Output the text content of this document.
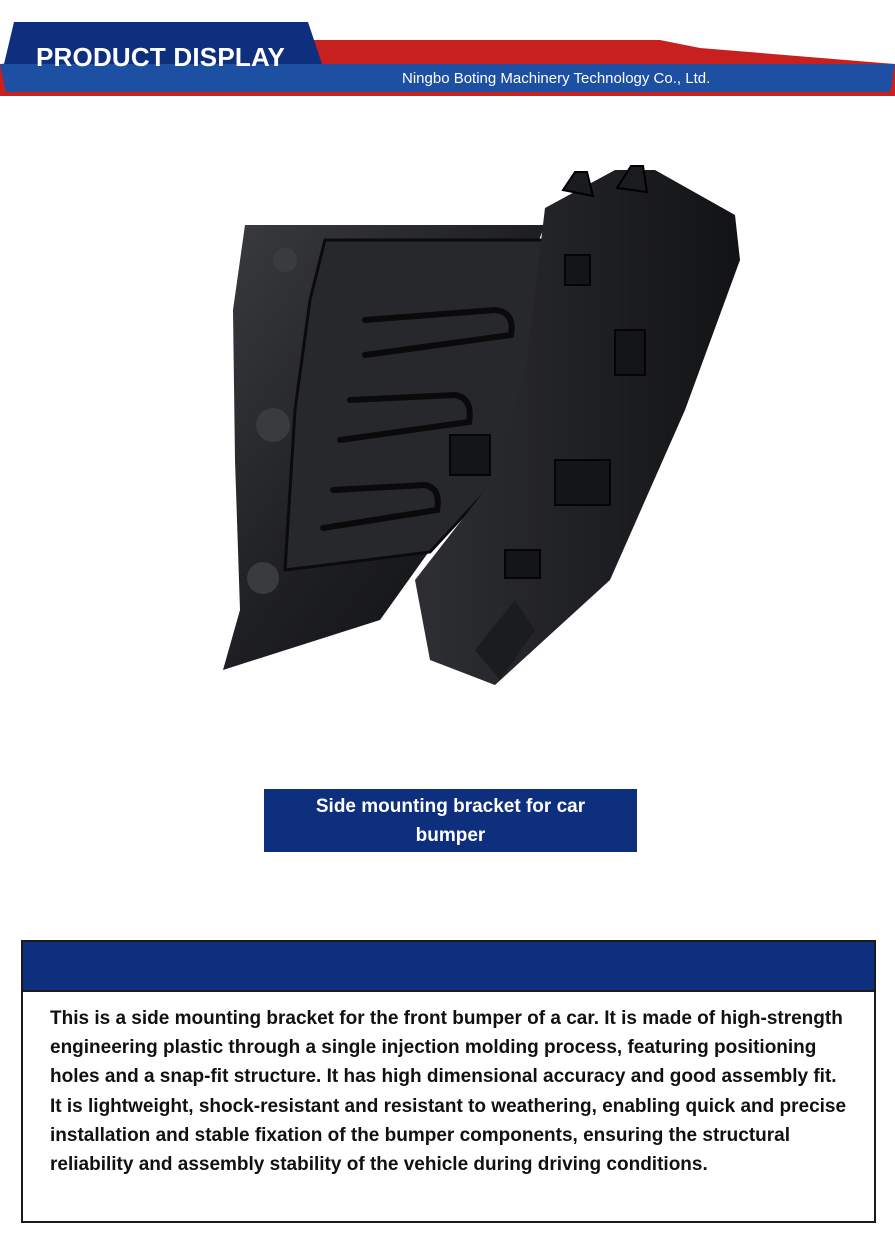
PRODUCT DISPLAY
Ningbo Boting Machinery Technology Co., Ltd.
Side mounting bracket for car bumper

This is a side mounting bracket for the front bumper of a car. It is made of high-strength engineering plastic through a single injection molding process, featuring positioning holes and a snap-fit structure. It has high dimensional accuracy and good assembly fit. It is lightweight, shock-resistant and resistant to weathering, enabling quick and precise installation and stable fixation of the bumper components, ensuring the structural reliability and assembly stability of the vehicle during driving conditions.
